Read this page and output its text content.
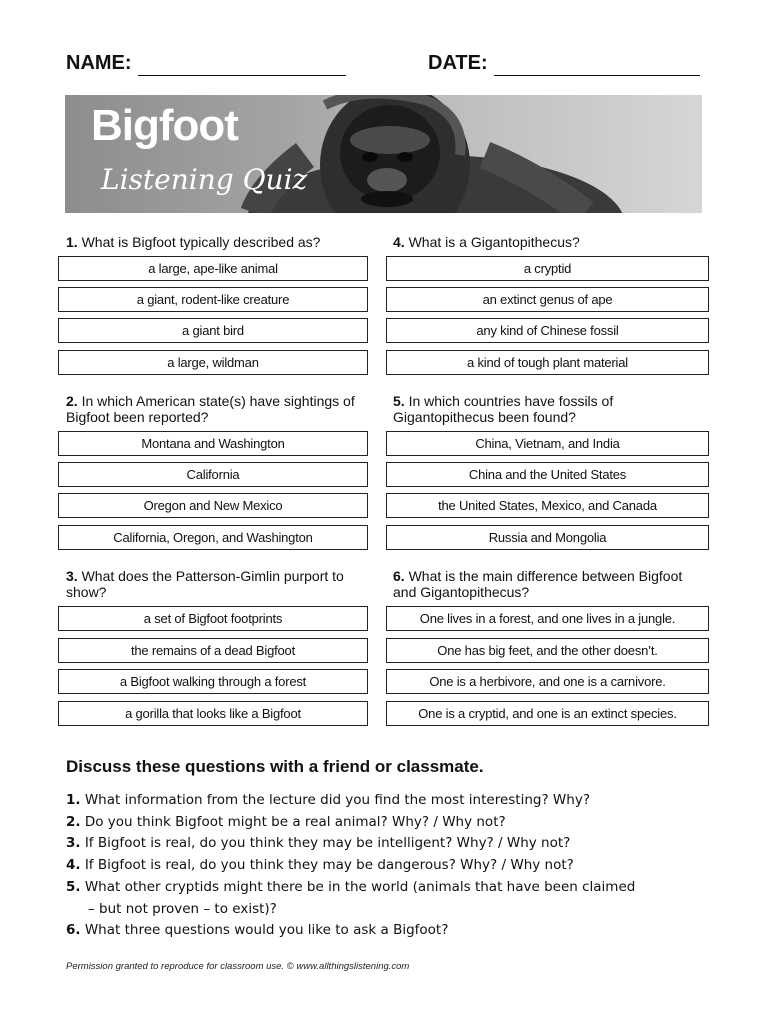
NAME:	DATE:
Bigfoot
Listening Quiz
1. What is Bigfoot typically described as?
a large, ape-like animal
a giant, rodent-like creature
a giant bird
a large, wildman
2. In which American state(s) have sightings of Bigfoot been reported?
Montana and Washington
California
Oregon and New Mexico
California, Oregon, and Washington
3. What does the Patterson-Gimlin purport to show?
a set of Bigfoot footprints
the remains of a dead Bigfoot
a Bigfoot walking through a forest
a gorilla that looks like a Bigfoot
4. What is a Gigantopithecus?
a cryptid
an extinct genus of ape
any kind of Chinese fossil
a kind of tough plant material
5. In which countries have fossils of Gigantopithecus been found?
China, Vietnam, and India
China and the United States
the United States, Mexico, and Canada
Russia and Mongolia
6. What is the main difference between Bigfoot and Gigantopithecus?
One lives in a forest, and one lives in a jungle.
One has big feet, and the other doesn’t.
One is a herbivore, and one is a carnivore.
One is a cryptid, and one is an extinct species.
Discuss these questions with a friend or classmate.
1. What information from the lecture did you find the most interesting? Why?
2. Do you think Bigfoot might be a real animal? Why? / Why not?
3. If Bigfoot is real, do you think they may be intelligent? Why? / Why not?
4. If Bigfoot is real, do you think they may be dangerous? Why? / Why not?
5. What other cryptids might there be in the world (animals that have been claimed
– but not proven – to exist)?
6. What three questions would you like to ask a Bigfoot?
Permission granted to reproduce for classroom use. © www.allthingslistening.com
